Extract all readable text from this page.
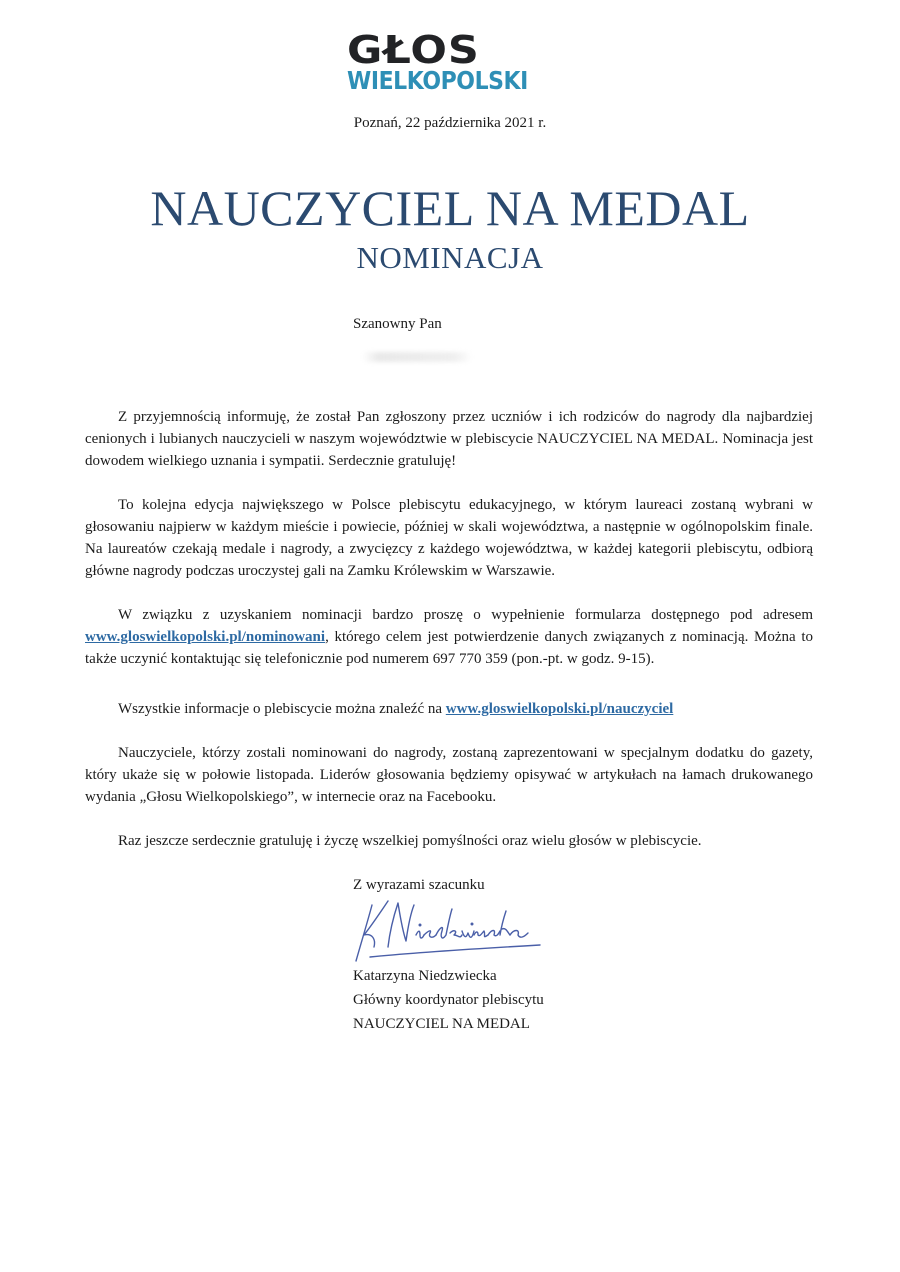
GŁOS
WIELKOPOLSKI
Poznań, 22 października 2021 r.
NAUCZYCIEL NA MEDAL
NOMINACJA
Szanowny Pan

Z przyjemnością informuję, że został Pan zgłoszony przez uczniów i ich rodziców do nagrody dla najbardziej cenionych i lubianych nauczycieli w naszym województwie w plebiscycie NAUCZYCIEL NA MEDAL. Nominacja jest dowodem wielkiego uznania i sympatii. Serdecznie gratuluję!

To kolejna edycja największego w Polsce plebiscytu edukacyjnego, w którym laureaci zostaną wybrani w głosowaniu najpierw w każdym mieście i powiecie, później w skali województwa, a następnie w ogólnopolskim finale. Na laureatów czekają medale i nagrody, a zwycięzcy z każdego województwa, w każdej kategorii plebiscytu, odbiorą główne nagrody podczas uroczystej gali na Zamku Królewskim w Warszawie.

W związku z uzyskaniem nominacji bardzo proszę o wypełnienie formularza dostępnego pod adresem www.gloswielkopolski.pl/nominowani, którego celem jest potwierdzenie danych związanych z nominacją. Można to także uczynić kontaktując się telefonicznie pod numerem 697 770 359 (pon.-pt. w godz. 9-15).

Wszystkie informacje o plebiscycie można znaleźć na www.gloswielkopolski.pl/nauczyciel

Nauczyciele, którzy zostali nominowani do nagrody, zostaną zaprezentowani w specjalnym dodatku do gazety, który ukaże się w połowie listopada. Liderów głosowania będziemy opisywać w artykułach na łamach drukowanego wydania „Głosu Wielkopolskiego”, w internecie oraz na Facebooku.

Raz jeszcze serdecznie gratuluję i życzę wszelkiej pomyślności oraz wielu głosów w plebiscycie.

Z wyrazami szacunku
Katarzyna Niedzwiecka
Główny koordynator plebiscytu
NAUCZYCIEL NA MEDAL
